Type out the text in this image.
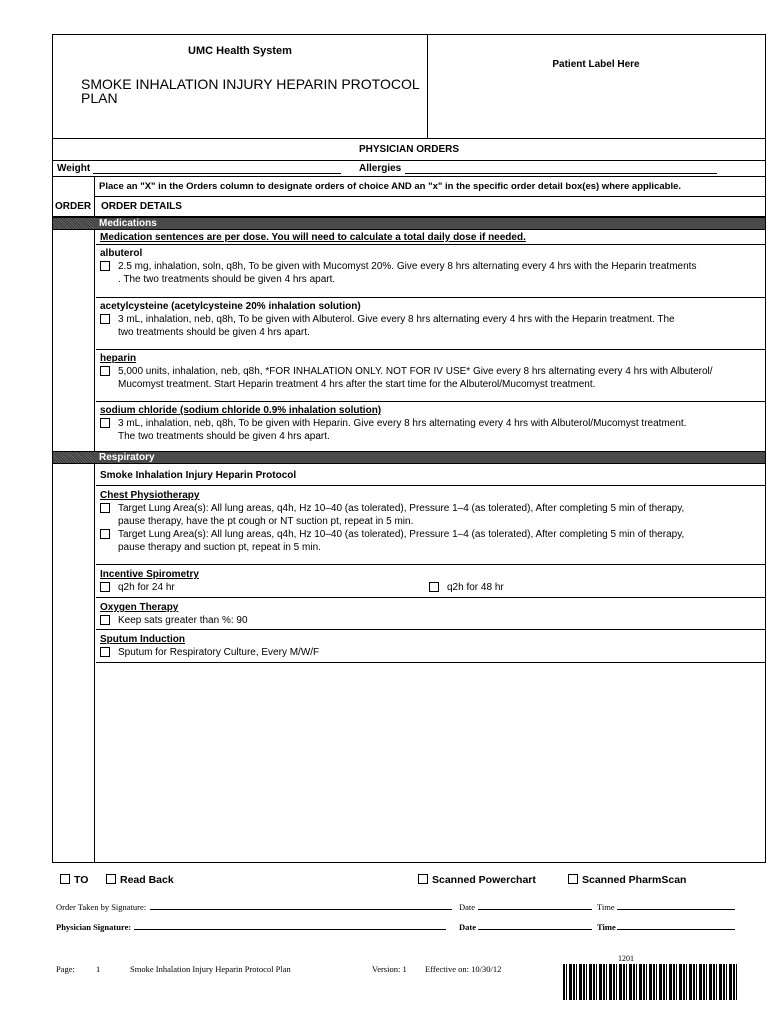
UMC Health System
SMOKE INHALATION INJURY HEPARIN PROTOCOL PLAN
Patient Label Here
PHYSICIAN ORDERS
Weight	Allergies
Place an "X" in the Orders column to designate orders of choice AND an "x" in the specific order detail box(es) where applicable.
ORDER ORDER DETAILS
Medications
Medication sentences are per dose. You will need to calculate a total daily dose if needed.
albuterol
2.5 mg, inhalation, soln, q8h, To be given with Mucomyst 20%. Give every 8 hrs alternating every 4 hrs with the Heparin treatments
. The two treatments should be given 4 hrs apart.
acetylcysteine (acetylcysteine 20% inhalation solution)
3 mL, inhalation, neb, q8h, To be given with Albuterol. Give every 8 hrs alternating every 4 hrs with the Heparin treatment. The
two treatments should be given 4 hrs apart.
heparin
5,000 units, inhalation, neb, q8h, *FOR INHALATION ONLY. NOT FOR IV USE* Give every 8 hrs alternating every 4 hrs with Albuterol/
Mucomyst treatment. Start Heparin treatment 4 hrs after the start time for the Albuterol/Mucomyst treatment.
sodium chloride (sodium chloride 0.9% inhalation solution)
3 mL, inhalation, neb, q8h, To be given with Heparin. Give every 8 hrs alternating every 4 hrs with Albuterol/Mucomyst treatment.
The two treatments should be given 4 hrs apart.
Respiratory
Smoke Inhalation Injury Heparin Protocol
Chest Physiotherapy
Target Lung Area(s): All lung areas, q4h, Hz 10–40 (as tolerated), Pressure 1–4 (as tolerated), After completing 5 min of therapy,
pause therapy, have the pt cough or NT suction pt, repeat in 5 min.
Target Lung Area(s): All lung areas, q4h, Hz 10–40 (as tolerated), Pressure 1–4 (as tolerated), After completing 5 min of therapy,
pause therapy and suction pt, repeat in 5 min.
Incentive Spirometry
q2h for 24 hr	q2h for 48 hr
Oxygen Therapy
Keep sats greater than %: 90
Sputum Induction
Sputum for Respiratory Culture, Every M/W/F
TO	Read Back	Scanned Powerchart	Scanned PharmScan
Order Taken by Signature:	Date	Time
Physician Signature:	Date	Time
Page: 1	Smoke Inhalation Injury Heparin Protocol Plan	Version: 1 Effective on: 10/30/12
1201
